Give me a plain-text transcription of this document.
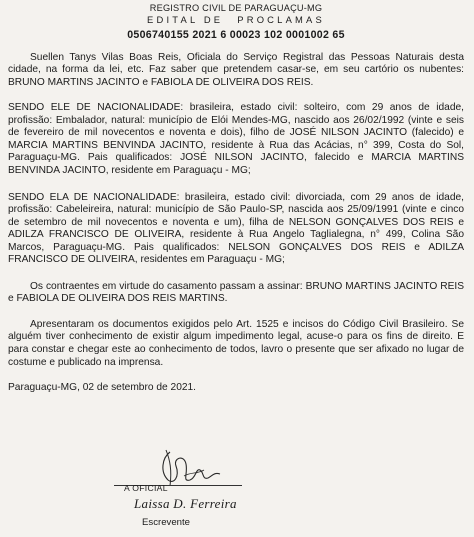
REGISTRO CIVIL DE PARAGUAÇU-MG
EDITAL DE PROCLAMAS
0506740155 2021 6 00023 102 0001002 65

Suellen Tanys Vilas Boas Reis, Oficiala do Serviço Registral das Pessoas Naturais desta cidade, na forma da lei, etc. Faz saber que pretendem casar-se, em seu cartório os nubentes: BRUNO MARTINS JACINTO e FABIOLA DE OLIVEIRA DOS REIS.

SENDO ELE DE NACIONALIDADE: brasileira, estado civil: solteiro, com 29 anos de idade, profissão: Embalador, natural: município de Elói Mendes-MG, nascido aos 26/02/1992 (vinte e seis de fevereiro de mil novecentos e noventa e dois), filho de JOSÉ NILSON JACINTO (falecido) e MARCIA MARTINS BENVINDA JACINTO, residente à Rua das Acácias, n° 399, Costa do Sol, Paraguaçu-MG. Pais qualificados: JOSÉ NILSON JACINTO, falecido e MARCIA MARTINS BENVINDA JACINTO, residente em Paraguaçu - MG;

SENDO ELA DE NACIONALIDADE: brasileira, estado civil: divorciada, com 29 anos de idade, profissão: Cabeleireira, natural: município de São Paulo-SP, nascida aos 25/09/1991 (vinte e cinco de setembro de mil novecentos e noventa e um), filha de NELSON GONÇALVES DOS REIS e ADILZA FRANCISCO DE OLIVEIRA, residente à Rua Angelo Taglialegna, n° 499, Colina São Marcos, Paraguaçu-MG. Pais qualificados: NELSON GONÇALVES DOS REIS e ADILZA FRANCISCO DE OLIVEIRA, residentes em Paraguaçu - MG;

Os contraentes em virtude do casamento passam a assinar: BRUNO MARTINS JACINTO REIS e FABIOLA DE OLIVEIRA DOS REIS MARTINS.

Apresentaram os documentos exigidos pelo Art. 1525 e incisos do Código Civil Brasileiro. Se alguém tiver conhecimento de existir algum impedimento legal, acuse-o para os fins de direito. E para constar e chegar este ao conhecimento de todos, lavro o presente que ser afixado no lugar de costume e publicado na imprensa.

Paraguaçu-MG, 02 de setembro de 2021.

A OFICIAL
Laissa D. Ferreira
Escrevente
